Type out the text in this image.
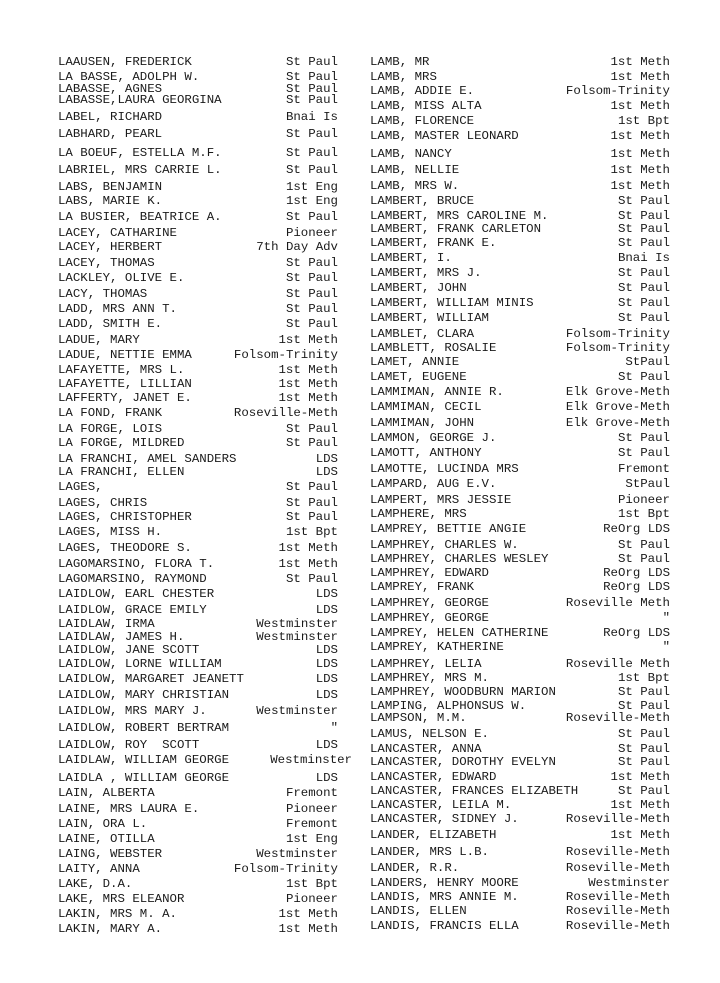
LAAUSEN, FREDERICK	St Paul
LA BASSE, ADOLPH W.	St Paul
LABASSE, AGNES	St Paul
LABASSE,LAURA GEORGINA	St Paul
LABEL, RICHARD	Bnai Is
LABHARD, PEARL	St Paul
LA BOEUF, ESTELLA M.F.	St Paul
LABRIEL, MRS CARRIE L.	St Paul
LABS, BENJAMIN	1st Eng
LABS, MARIE K.	1st Eng
LA BUSIER, BEATRICE A.	St Paul
LACEY, CATHARINE	Pioneer
LACEY, HERBERT	7th Day Adv
LACEY, THOMAS	St Paul
LACKLEY, OLIVE E.	St Paul
LACY, THOMAS	St Paul
LADD, MRS ANN T.	St Paul
LADD, SMITH E.	St Paul
LADUE, MARY	1st Meth
LADUE, NETTIE EMMA	Folsom-Trinity
LAFAYETTE, MRS L.	1st Meth
LAFAYETTE, LILLIAN	1st Meth
LAFFERTY, JANET E.	1st Meth
LA FOND, FRANK	Roseville-Meth
LA FORGE, LOIS	St Paul
LA FORGE, MILDRED	St Paul
LA FRANCHI, AMEL SANDERS	LDS
LA FRANCHI, ELLEN	LDS
LAGES,	St Paul
LAGES, CHRIS	St Paul
LAGES, CHRISTOPHER	St Paul
LAGES, MISS H.	1st Bpt
LAGES, THEODORE S.	1st Meth
LAGOMARSINO, FLORA T.	1st Meth
LAGOMARSINO, RAYMOND	St Paul
LAIDLOW, EARL CHESTER	LDS
LAIDLOW, GRACE EMILY	LDS
LAIDLAW, IRMA	Westminster
LAIDLAW, JAMES H.	Westminster
LAIDLOW, JANE SCOTT	LDS
LAIDLOW, LORNE WILLIAM	LDS
LAIDLOW, MARGARET JEANETT	LDS
LAIDLOW, MARY CHRISTIAN	LDS
LAIDLOW, MRS MARY J.	Westminster
LAIDLOW, ROBERT BERTRAM	"
LAIDLOW, ROY  SCOTT	LDS
LAIDLAW, WILLIAM GEORGE	Westminster
LAIDLA , WILLIAM GEORGE	LDS
LAIN, ALBERTA	Fremont
LAINE, MRS LAURA E.	Pioneer
LAIN, ORA L.	Fremont
LAINE, OTILLA	1st Eng
LAING, WEBSTER	Westminster
LAITY, ANNA	Folsom-Trinity
LAKE, D.A.	1st Bpt
LAKE, MRS ELEANOR	Pioneer
LAKIN, MRS M. A.	1st Meth
LAKIN, MARY A.	1st Meth
LAMB, MR	1st Meth
LAMB, MRS	1st Meth
LAMB, ADDIE E.	Folsom-Trinity
LAMB, MISS ALTA	1st Meth
LAMB, FLORENCE	1st Bpt
LAMB, MASTER LEONARD	1st Meth
LAMB, NANCY	1st Meth
LAMB, NELLIE	1st Meth
LAMB, MRS W.	1st Meth
LAMBERT, BRUCE	St Paul
LAMBERT, MRS CAROLINE M.	St Paul
LAMBERT, FRANK CARLETON	St Paul
LAMBERT, FRANK E.	St Paul
LAMBERT, I.	Bnai Is
LAMBERT, MRS J.	St Paul
LAMBERT, JOHN	St Paul
LAMBERT, WILLIAM MINIS	St Paul
LAMBERT, WILLIAM	St Paul
LAMBLET, CLARA	Folsom-Trinity
LAMBLETT, ROSALIE	Folsom-Trinity
LAMET, ANNIE	StPaul
LAMET, EUGENE	St Paul
LAMMIMAN, ANNIE R.	Elk Grove-Meth
LAMMIMAN, CECIL	Elk Grove-Meth
LAMMIMAN, JOHN	Elk Grove-Meth
LAMMON, GEORGE J.	St Paul
LAMOTT, ANTHONY	St Paul
LAMOTTE, LUCINDA MRS	Fremont
LAMPARD, AUG E.V.	StPaul
LAMPERT, MRS JESSIE	Pioneer
LAMPHERE, MRS	1st Bpt
LAMPREY, BETTIE ANGIE	ReOrg LDS
LAMPHREY, CHARLES W.	St Paul
LAMPHREY, CHARLES WESLEY	St Paul
LAMPHREY, EDWARD	ReOrg LDS
LAMPREY, FRANK	ReOrg LDS
LAMPHREY, GEORGE	Roseville Meth
LAMPHREY, GEORGE	"
LAMPREY, HELEN CATHERINE	ReOrg LDS
LAMPREY, KATHERINE	"
LAMPHREY, LELIA	Roseville Meth
LAMPHREY, MRS M.	1st Bpt
LAMPHREY, WOODBURN MARION	St Paul
LAMPING, ALPHONSUS W.	St Paul
LAMPSON, M.M.	Roseville-Meth
LAMUS, NELSON E.	St Paul
LANCASTER, ANNA	St Paul
LANCASTER, DOROTHY EVELYN	St Paul
LANCASTER, EDWARD	1st Meth
LANCASTER, FRANCES ELIZABETH	St Paul
LANCASTER, LEILA M.	1st Meth
LANCASTER, SIDNEY J.	Roseville-Meth
LANDER, ELIZABETH	1st Meth
LANDER, MRS L.B.	Roseville-Meth
LANDER, R.R.	Roseville-Meth
LANDERS, HENRY MOORE	Westminster
LANDIS, MRS ANNIE M.	Roseville-Meth
LANDIS, ELLEN	Roseville-Meth
LANDIS, FRANCIS ELLA	Roseville-Meth
